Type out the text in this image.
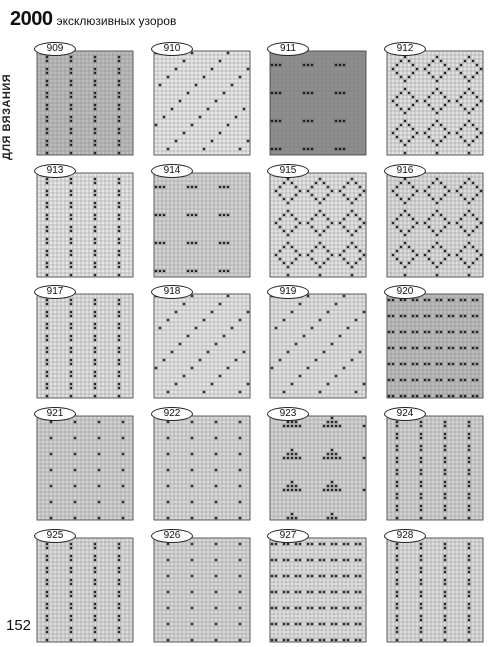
2000 эксклюзивных узоров
ДЛЯ ВЯЗАНИЯ
909	910	911	912
913	914	915	916
917	918	919	920
921	922	923	924
925	926	927	928
152
